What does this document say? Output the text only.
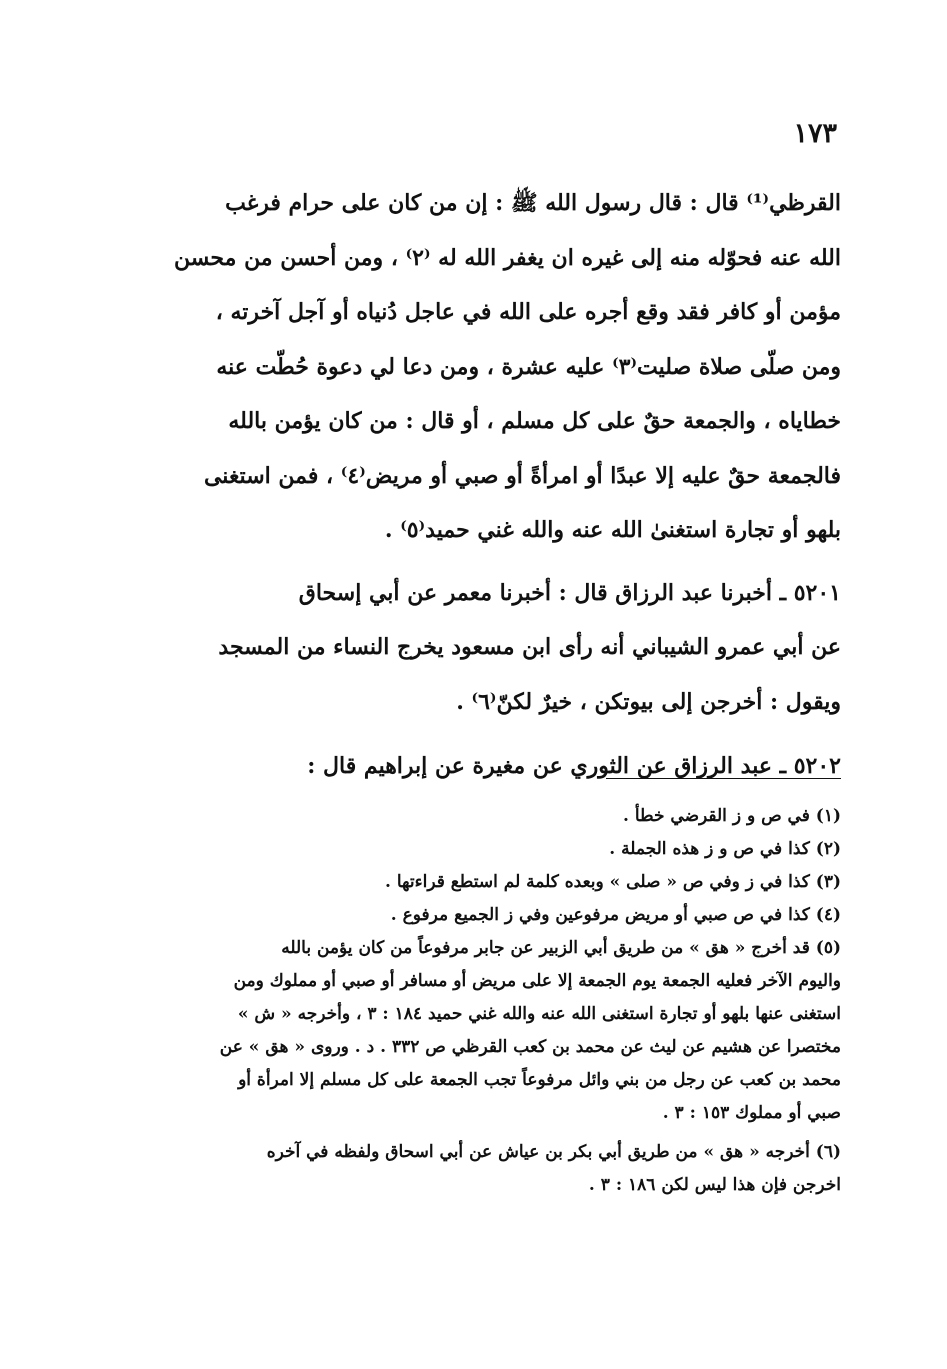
١٧٣
القرظي⁽¹⁾ قال : قال رسول الله ﷺ : إن من كان على حرام فرغب
الله عنه فحوّله منه إلى غيره ان يغفر الله له ⁽٢⁾ ، ومن أحسن من محسن
مؤمن أو كافر فقد وقع أجره على الله في عاجل دُنياه أو آجل آخرته ،
ومن صلّى صلاة صليت⁽٣⁾ عليه عشرة ، ومن دعا لي دعوة حُطّت عنه
خطاياه ، والجمعة حقٌ على كل مسلم ، أو قال : من كان يؤمن بالله
فالجمعة حقٌ عليه إلا عبدًا أو امرأةً أو صبي أو مريض⁽٤⁾ ، فمن استغنى
بلهو أو تجارة استغنىٰ الله عنه والله غني حميد⁽٥⁾ .
٥٢٠١ ـ أخبرنا عبد الرزاق قال : أخبرنا معمر عن أبي إسحاق
عن أبي عمرو الشيباني أنه رأى ابن مسعود يخرج النساء من المسجد
ويقول : أخرجن إلى بيوتكن ، خيرٌ لكنّ⁽٦⁾ .
٥٢٠٢ ـ عبد الرزاق عن الثوري عن مغيرة عن إبراهيم قال :
(١) في ص و ز القرضي خطأ .
(٢) كذا في ص و ز هذه الجملة .
(٣) كذا في ز وفي ص « صلى » وبعده كلمة لم استطع قراءتها .
(٤) كذا في ص صبي أو مريض مرفوعين وفي ز الجميع مرفوع .
(٥) قد أخرج « هق » من طريق أبي الزبير عن جابر مرفوعاً من كان يؤمن بالله
واليوم الآخر فعليه الجمعة يوم الجمعة إلا على مريض أو مسافر أو صبي أو مملوك ومن
استغنى عنها بلهو أو تجارة استغنى الله عنه والله غني حميد ١٨٤ : ٣ ، وأخرجه « ش »
مختصرا عن هشيم عن ليث عن محمد بن كعب القرظي ص ٣٣٢ . د . وروى « هق » عن
محمد بن كعب عن رجل من بني وائل مرفوعاً تجب الجمعة على كل مسلم إلا امرأة أو
صبي أو مملوك ١٥٣ : ٣ .
(٦) أخرجه « هق » من طريق أبي بكر بن عياش عن أبي اسحاق ولفظه في آخره
اخرجن فإن هذا ليس لكن ١٨٦ : ٣ .
